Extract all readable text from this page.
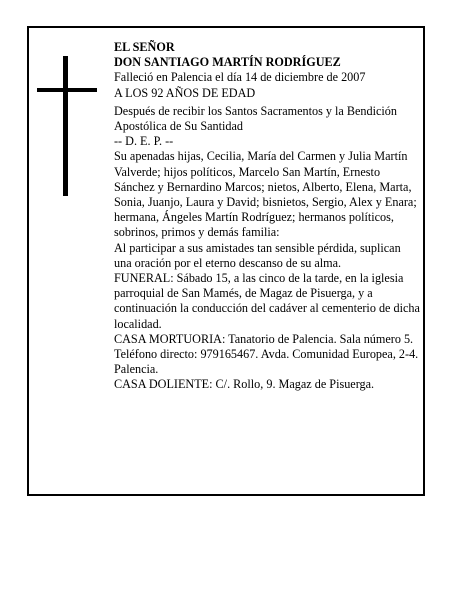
EL SEÑOR
DON SANTIAGO MARTÍN RODRÍGUEZ
Falleció en Palencia el día 14 de diciembre de 2007
A LOS 92 AÑOS DE EDAD
Después de recibir los Santos Sacramentos y la Bendición Apostólica de Su Santidad
-- D. E. P. --
Su apenadas hijas, Cecilia, María del Carmen y Julia Martín Valverde; hijos políticos, Marcelo San Martín, Ernesto Sánchez y Bernardino Marcos; nietos, Alberto, Elena, Marta, Sonia, Juanjo, Laura y David; bisnietos, Sergio, Alex y Enara; hermana, Ángeles Martín Rodríguez; hermanos políticos, sobrinos, primos y demás familia:
Al participar a sus amistades tan sensible pérdida, suplican una oración por el eterno descanso de su alma.
FUNERAL: Sábado 15, a las cinco de la tarde, en la iglesia parroquial de San Mamés, de Magaz de Pisuerga, y a continuación la conducción del cadáver al cementerio de dicha localidad.
CASA MORTUORIA: Tanatorio de Palencia. Sala número 5. Teléfono directo: 979165467. Avda. Comunidad Europea, 2-4. Palencia.
CASA DOLIENTE: C/. Rollo, 9. Magaz de Pisuerga.
